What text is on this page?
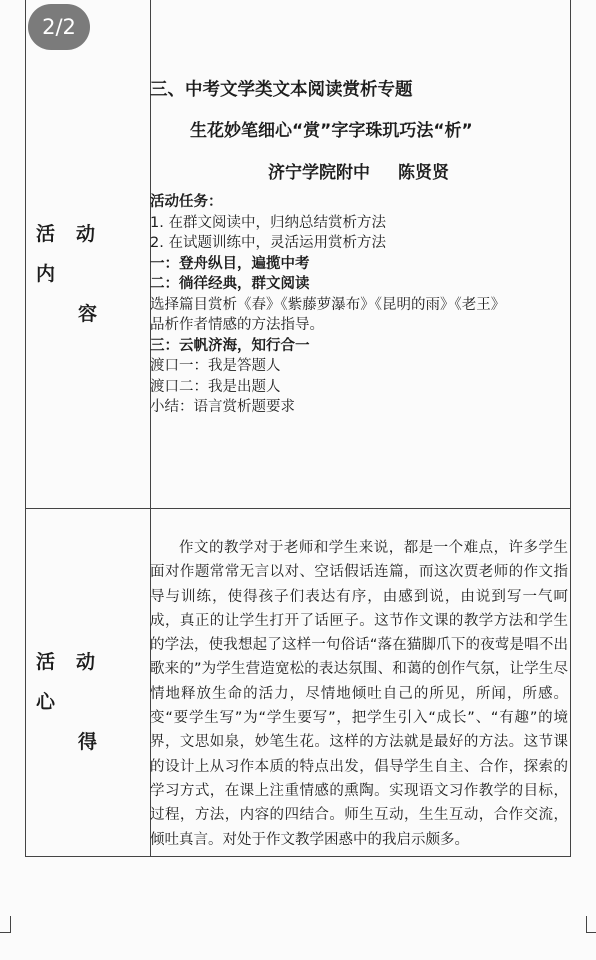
2/2
活动内
容
活动心
得
三、中考文学类文本阅读赏析专题
生花妙笔细心“赏”字字珠玑巧法“析”
济宁学院附中 陈贤贤
活动任务：
1. 在群文阅读中，归纳总结赏析方法
2. 在试题训练中，灵活运用赏析方法
一：登舟纵目，遍揽中考
二：徜徉经典，群文阅读
选择篇目赏析《春》《紫藤萝瀑布》《昆明的雨》《老王》
品析作者情感的方法指导。
三：云帆济海，知行合一
渡口一：我是答题人
渡口二：我是出题人
小结：语言赏析题要求

作文的教学对于老师和学生来说，都是一个难点，许多学生面对作题常常无言以对、空话假话连篇，而这次贾老师的作文指导与训练，使得孩子们表达有序，由感到说，由说到写一气呵成，真正的让学生打开了话匣子。这节作文课的教学方法和学生的学法，使我想起了这样一句俗话“落在猫脚爪下的夜莺是唱不出歌来的”为学生营造宽松的表达氛围、和蔼的创作气氛，让学生尽情地释放生命的活力，尽情地倾吐自己的所见，所闻，所感。变“要学生写”为“学生要写”，把学生引入“成长”、“有趣”的境界，文思如泉，妙笔生花。这样的方法就是最好的方法。这节课的设计上从习作本质的特点出发，倡导学生自主、合作，探索的学习方式，在课上注重情感的熏陶。实现语文习作教学的目标，过程，方法，内容的四结合。师生互动，生生互动，合作交流，倾吐真言。对处于作文教学困惑中的我启示颇多。
